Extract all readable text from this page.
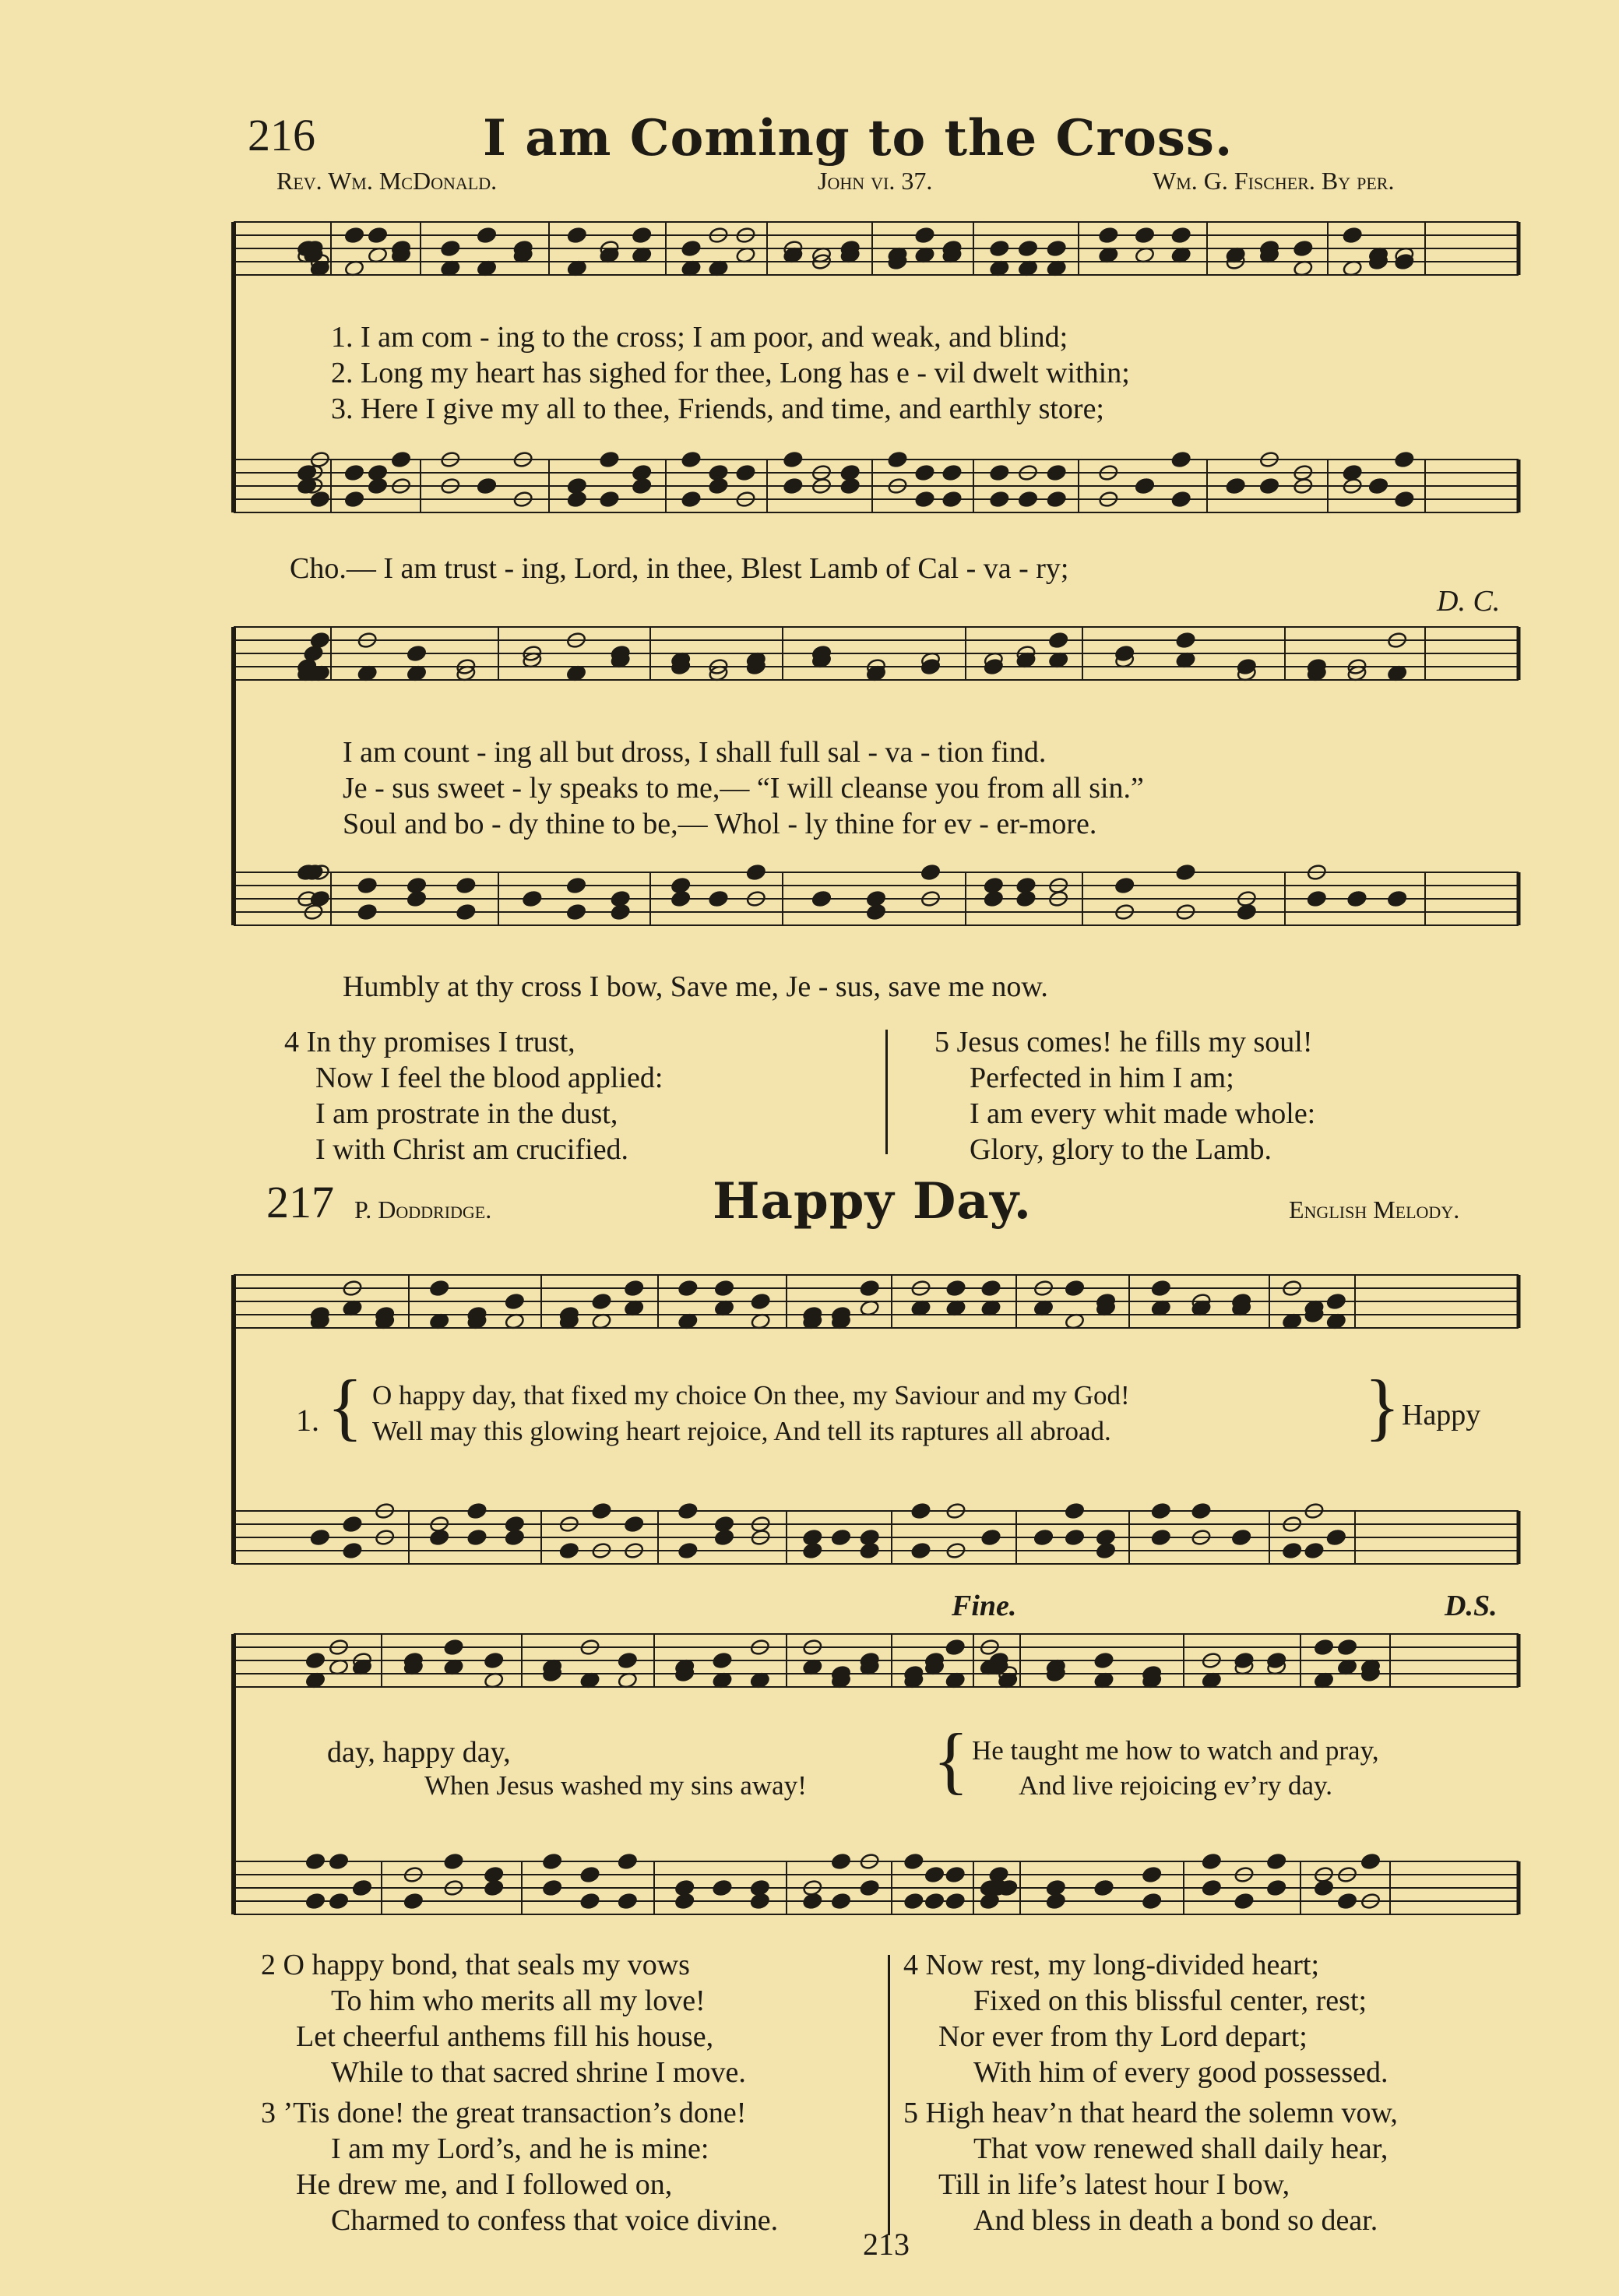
216	I am Coming to the Cross.
Rev. Wm. McDonald.	John vi. 37.	Wm. G. Fischer. By per.
1. I am com - ing to the cross; I am poor, and weak, and blind;
2. Long my heart has sighed for thee, Long has e - vil dwelt within;
3. Here I give my all to thee, Friends, and time, and earthly store;
Cho.— I am trust - ing, Lord, in thee, Blest Lamb of Cal - va - ry;
D. C.
I am count - ing all but dross, I shall full sal - va - tion find.
Je - sus sweet - ly speaks to me,— “I will cleanse you from all sin.”
Soul and bo - dy thine to be,— Whol - ly thine for ev - er-more.
Humbly at thy cross I bow, Save me, Je - sus, save me now.
4 In thy promises I trust,
Now I feel the blood applied:
I am prostrate in the dust,
I with Christ am crucified.
5 Jesus comes! he fills my soul!
Perfected in him I am;
I am every whit made whole:
Glory, glory to the Lamb.
217 P. Doddridge.	Happy Day.	English Melody.
1. { O happy day, that fixed my choice On thee, my Saviour and my God!
Well may this glowing heart rejoice, And tell its raptures all abroad.	} Happy
Fine.	D.S.
day, happy day,
When Jesus washed my sins away! { He taught me how to watch and pray,
And live rejoicing ev’ry day.
2 O happy bond, that seals my vows
To him who merits all my love!
Let cheerful anthems fill his house,
While to that sacred shrine I move.
3 ’Tis done! the great transaction’s done!
I am my Lord’s, and he is mine:
He drew me, and I followed on,
Charmed to confess that voice divine.
4 Now rest, my long-divided heart;
Fixed on this blissful center, rest;
Nor ever from thy Lord depart;
With him of every good possessed.
5 High heav’n that heard the solemn vow,
That vow renewed shall daily hear,
Till in life’s latest hour I bow,
And bless in death a bond so dear.
213
